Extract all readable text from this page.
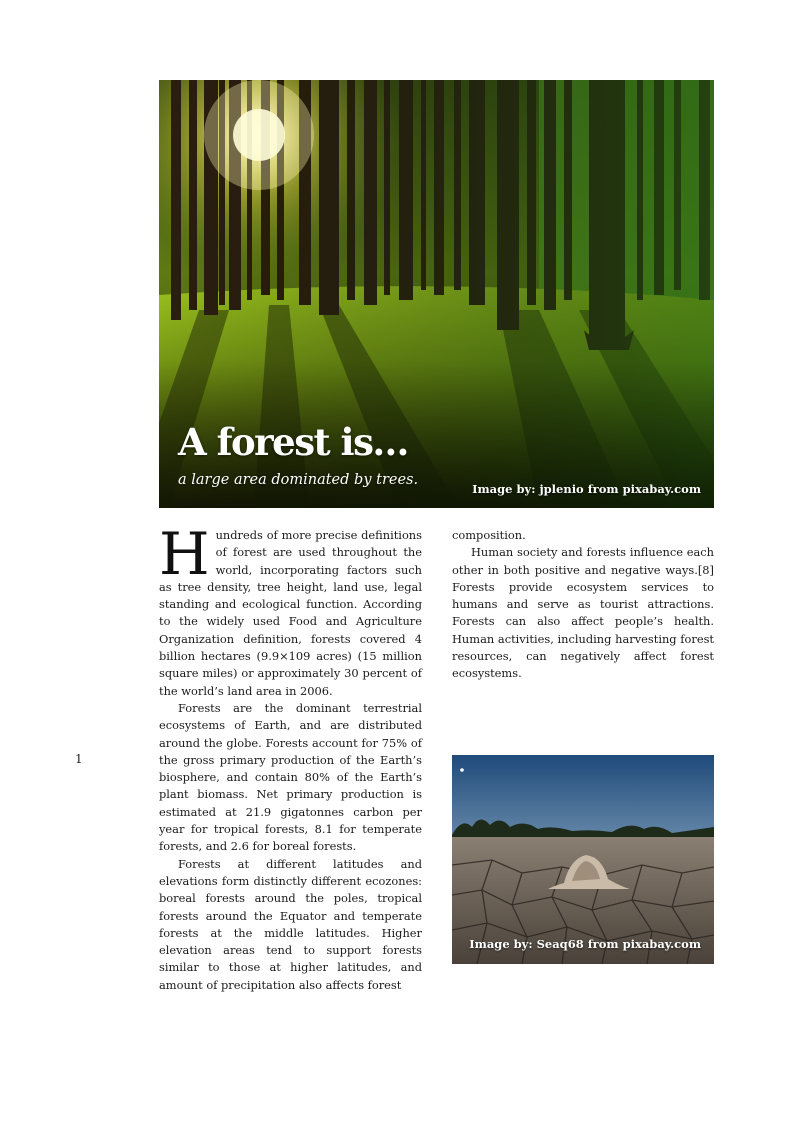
A forest is…

a large area dominated by trees.

Image by: jplenio from pixabay.com

Hundreds of more precise definitions of forest are used throughout the world, incorporating factors such as tree density, tree height, land use, legal standing and ecological function. According to the widely used Food and Agriculture Organization definition, forests covered 4 billion hectares (9.9×109 acres) (15 million square miles) or approximately 30 percent of the world’s land area in 2006.

Forests are the dominant terrestrial ecosystems of Earth, and are distributed around the globe. Forests account for 75% of the gross primary production of the Earth’s biosphere, and contain 80% of the Earth’s plant biomass. Net primary production is estimated at 21.9 gigatonnes carbon per year for tropical forests, 8.1 for temperate forests, and 2.6 for boreal forests.

Forests at different latitudes and elevations form distinctly different ecozones: boreal forests around the poles, tropical forests around the Equator and temperate forests at the middle latitudes. Higher elevation areas tend to support forests similar to those at higher latitudes, and amount of precipitation also affects forest

composition.

Human society and forests influence each other in both positive and negative ways.[8] Forests provide ecosystem services to humans and serve as tourist attractions. Forests can also affect people’s health. Human activities, including harvesting forest resources, can negatively affect forest ecosystems.

1

Image by: Seaq68 from pixabay.com
